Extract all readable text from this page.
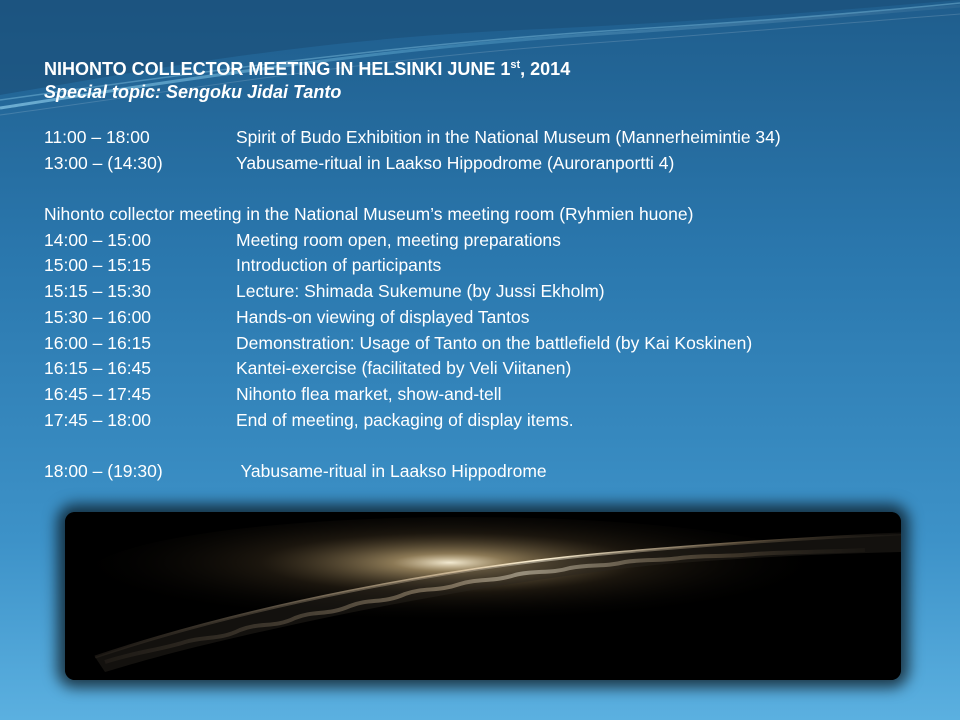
NIHONTO COLLECTOR MEETING IN HELSINKI JUNE 1st, 2014
Special topic: Sengoku Jidai Tanto
11:00 – 18:00	Spirit of Budo Exhibition in the National Museum (Mannerheimintie 34)
13:00 – (14:30)	Yabusame-ritual in Laakso Hippodrome (Auroranportti 4)
Nihonto collector meeting in the National Museum’s meeting room (Ryhmien huone)
14:00 – 15:00	Meeting room open, meeting preparations
15:00 – 15:15	Introduction of participants
15:15 – 15:30	Lecture: Shimada Sukemune (by Jussi Ekholm)
15:30 – 16:00	Hands-on viewing of displayed Tantos
16:00 – 16:15	Demonstration: Usage of Tanto on the battlefield (by Kai Koskinen)
16:15 – 16:45	Kantei-exercise (facilitated by Veli Viitanen)
16:45 – 17:45	Nihonto flea market, show-and-tell
17:45 – 18:00	End of meeting, packaging of display items.
18:00 – (19:30)	Yabusame-ritual in Laakso Hippodrome
